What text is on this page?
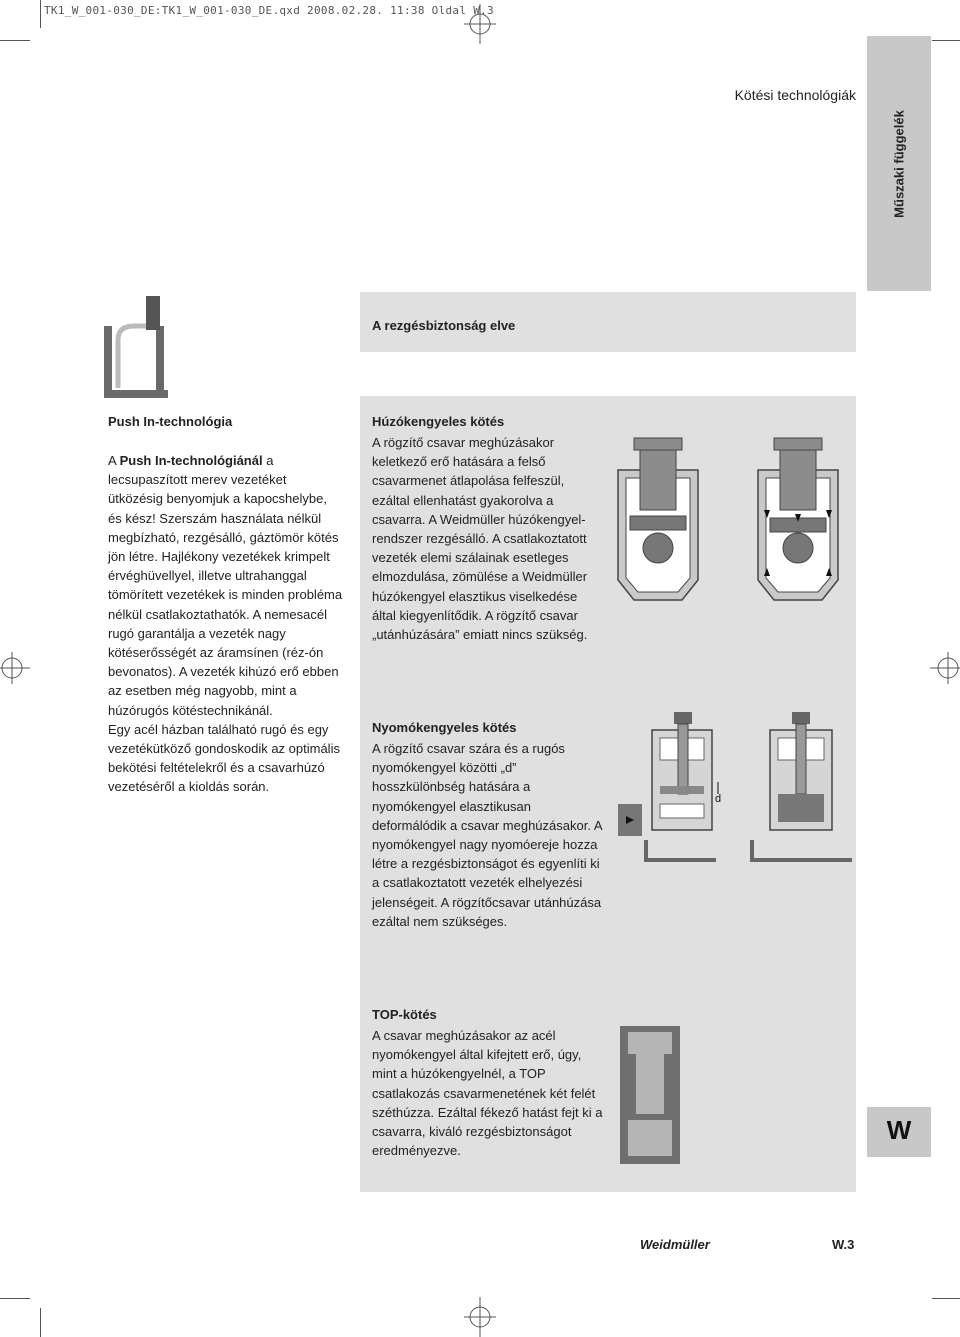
TK1_W_001-030_DE:TK1_W_001-030_DE.qxd 2008.02.28. 11:38 Oldal W.3
Kötési technológiák
Műszaki függelék
A rezgésbiztonság elve
Push In-technológia
A Push In-technológiánál a lecsupaszított merev vezetéket ütközésig benyomjuk a kapocshelybe, és kész! Szerszám használata nélkül megbízható, rezgésálló, gáztömör kötés jön létre. Hajlékony vezetékek krimpelt érvéghüvellyel, illetve ultrahanggal tömörített vezetékek is minden probléma nélkül csatlakoztathatók. A nemesacél rugó garantálja a vezeték nagy kötéserősségét az áramsínen (réz-ón bevonatos). A vezeték kihúzó erő ebben az esetben még nagyobb, mint a húzórugós kötéstechnikánál.
Egy acél házban található rugó és egy vezetékütköző gondoskodik az optimális bekötési feltételekről és a csavarhúzó vezetéséről a kioldás során.
Húzókengyeles kötés
A rögzítő csavar meghúzásakor keletkező erő hatására a felső csavarmenet átlapolása felfeszül, ezáltal ellenhatást gyakorolva a csavarra. A Weidmüller húzókengyel-rendszer rezgésálló. A csatlakoztatott vezeték elemi szálainak esetleges elmozdulása, zömülése a Weidmüller húzókengyel elasztikus viselkedése által kiegyenlítődik. A rögzítő csavar „utánhúzására” emiatt nincs szükség.
Nyomókengyeles kötés
A rögzítő csavar szára és a rugós nyomókengyel közötti „d” hosszkülönbség hatására a nyomókengyel elasztikusan deformálódik a csavar meghúzásakor. A nyomókengyel nagy nyomóereje hozza létre a rezgésbiztonságot és egyenlíti ki a csatlakoztatott vezeték elhelyezési jelenségeit. A rögzítőcsavar utánhúzása ezáltal nem szükséges.
d
TOP-kötés
A csavar meghúzásakor az acél nyomókengyel által kifejtett erő, úgy, mint a húzókengyelnél, a TOP csatlakozás csavarmenetének két felét széthúzza. Ezáltal fékező hatást fejt ki a csavarra, kiváló rezgésbiztonságot eredményezve.
W
Weidmüller	W.3
